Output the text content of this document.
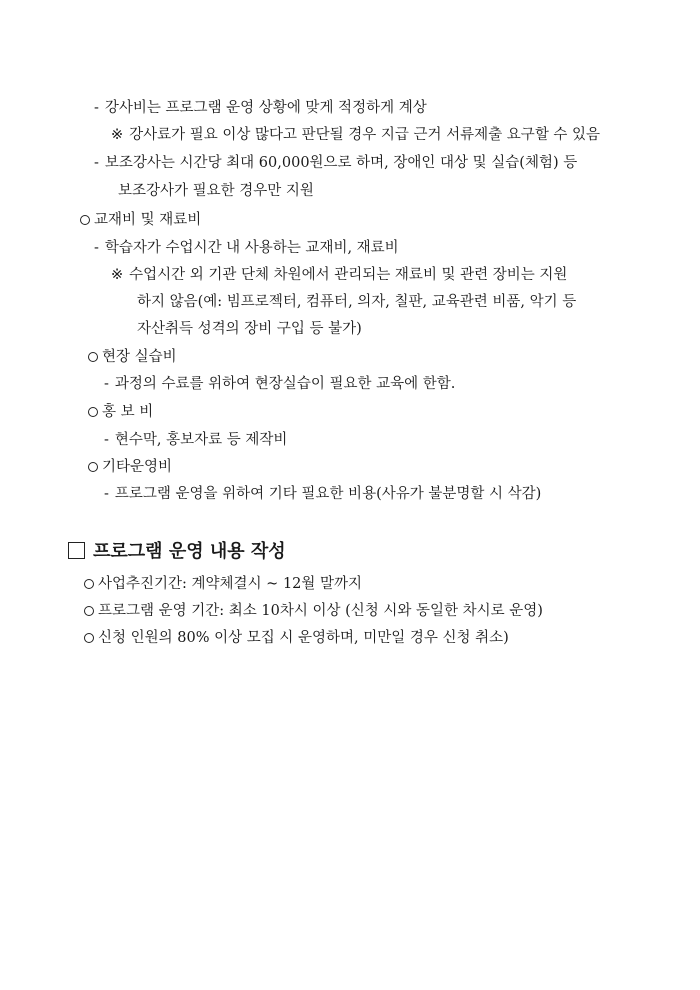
- 강사비는 프로그램 운영 상황에 맞게 적정하게 계상
※ 강사료가 필요 이상 많다고 판단될 경우 지급 근거 서류제출 요구할 수 있음
- 보조강사는 시간당 최대 60,000원으로 하며, 장애인 대상 및 실습(체험) 등
보조강사가 필요한 경우만 지원
교재비 및 재료비
- 학습자가 수업시간 내 사용하는 교재비, 재료비
※ 수업시간 외 기관 단체 차원에서 관리되는 재료비 및 관련 장비는 지원
하지 않음(예: 빔프로젝터, 컴퓨터, 의자, 칠판, 교육관련 비품, 악기 등
자산취득 성격의 장비 구입 등 불가)
현장 실습비
- 과정의 수료를 위하여 현장실습이 필요한 교육에 한함.
홍 보 비
- 현수막, 홍보자료 등 제작비
기타운영비
- 프로그램 운영을 위하여 기타 필요한 비용(사유가 불분명할 시 삭감)
프로그램 운영 내용 작성
사업추진기간: 계약체결시 ~ 12월 말까지
프로그램 운영 기간: 최소 10차시 이상 (신청 시와 동일한 차시로 운영)
신청 인원의 80% 이상 모집 시 운영하며, 미만일 경우 신청 취소)
